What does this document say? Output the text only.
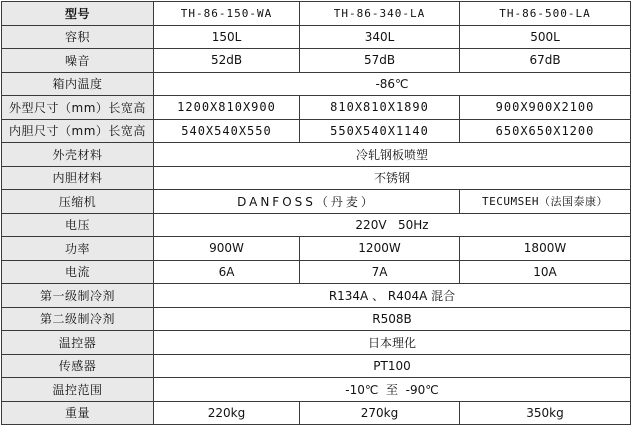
型号	TH-86-150-WA	TH-86-340-LA	TH-86-500-LA
容积	150L	340L	500L
噪音	52dB	57dB	67dB
箱内温度	-86℃		
外型尺寸（mm）长宽高	1200X810X900	810X810X1890	900X900X2100
内胆尺寸（mm）长宽高	540X540X550	550X540X1140	650X650X1200
外壳材料	冷轧钢板喷塑		
内胆材料	不锈钢		
压缩机	DANFOSS（丹麦）		TECUMSEH（法国泰康）
电压	220V   50Hz		
功率	900W	1200W	1800W
电流	6A	7A	10A
第一级制冷剂	R134A 、 R404A 混合		
第二级制冷剂	R508B		
温控器	日本理化		
传感器	PT100		
温控范围	-10℃  至  -90℃		
重量	220kg	270kg	350kg
